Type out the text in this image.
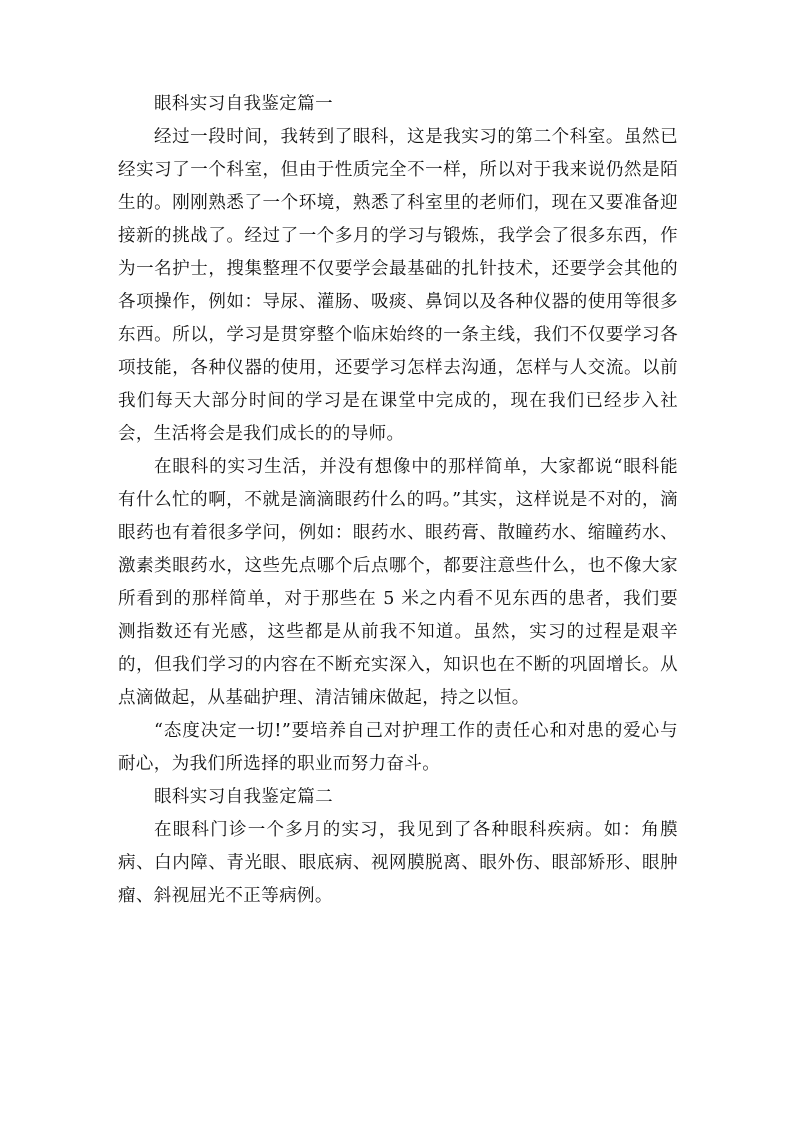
眼科实习自我鉴定篇一

经过一段时间，我转到了眼科，这是我实习的第二个科室。虽然已经实习了一个科室，但由于性质完全不一样，所以对于我来说仍然是陌生的。刚刚熟悉了一个环境，熟悉了科室里的老师们，现在又要准备迎接新的挑战了。经过了一个多月的学习与锻炼，我学会了很多东西，作为一名护士，搜集整理不仅要学会最基础的扎针技术，还要学会其他的各项操作，例如：导尿、灌肠、吸痰、鼻饲以及各种仪器的使用等很多东西。所以，学习是贯穿整个临床始终的一条主线，我们不仅要学习各项技能，各种仪器的使用，还要学习怎样去沟通，怎样与人交流。以前我们每天大部分时间的学习是在课堂中完成的，现在我们已经步入社会，生活将会是我们成长的的导师。

在眼科的实习生活，并没有想像中的那样简单，大家都说“眼科能有什么忙的啊，不就是滴滴眼药什么的吗。”其实，这样说是不对的，滴眼药也有着很多学问，例如：眼药水、眼药膏、散瞳药水、缩瞳药水、激素类眼药水，这些先点哪个后点哪个，都要注意些什么，也不像大家所看到的那样简单，对于那些在 5 米之内看不见东西的患者，我们要测指数还有光感，这些都是从前我不知道。虽然，实习的过程是艰辛的，但我们学习的内容在不断充实深入，知识也在不断的巩固增长。从点滴做起，从基础护理、清洁铺床做起，持之以恒。

“态度决定一切!”要培养自己对护理工作的责任心和对患的爱心与耐心，为我们所选择的职业而努力奋斗。

眼科实习自我鉴定篇二

在眼科门诊一个多月的实习，我见到了各种眼科疾病。如：角膜病、白内障、青光眼、眼底病、视网膜脱离、眼外伤、眼部矫形、眼肿瘤、斜视屈光不正等病例。
